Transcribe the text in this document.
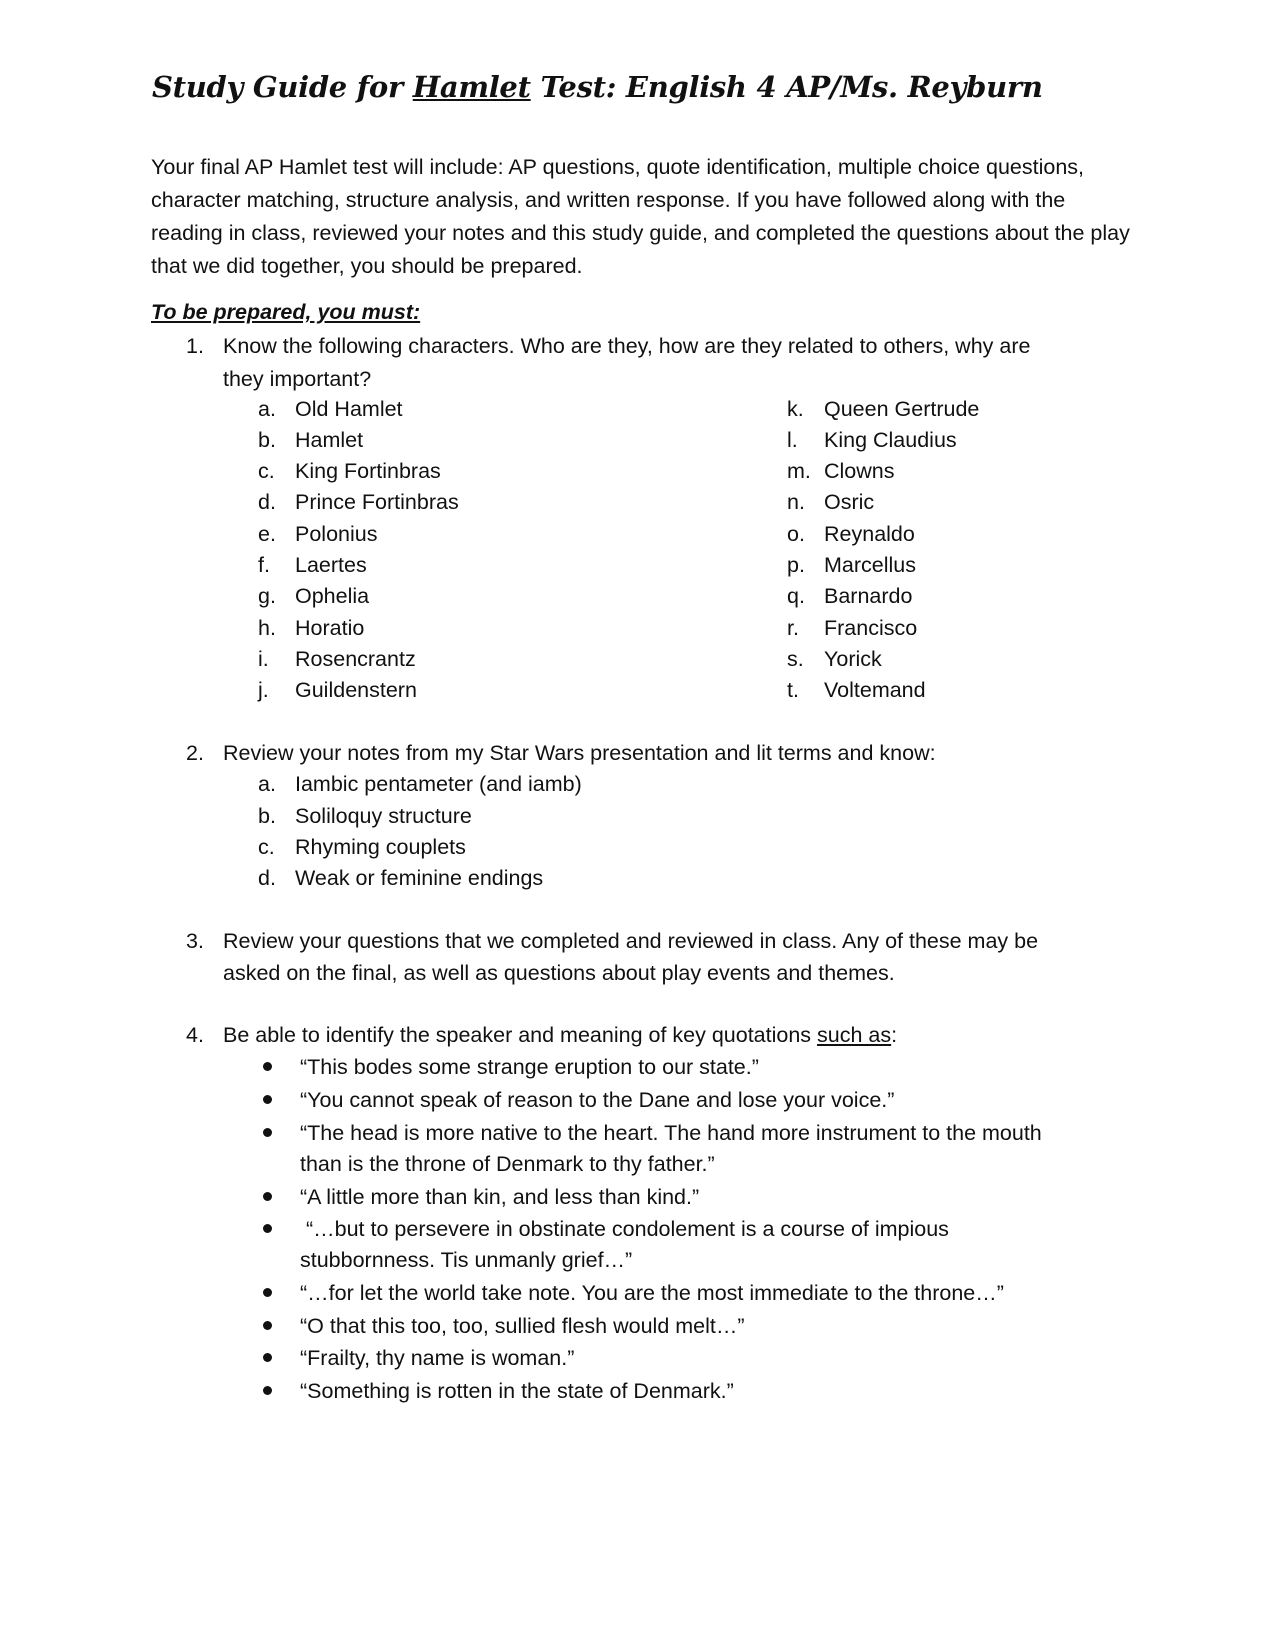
Study Guide for Hamlet Test: English 4 AP/Ms. Reyburn

Your final AP Hamlet test will include: AP questions, quote identification, multiple choice questions, character matching, structure analysis, and written response. If you have followed along with the reading in class, reviewed your notes and this study guide, and completed the questions about the play that we did together, you should be prepared.

To be prepared, you must:
1. Know the following characters. Who are they, how are they related to others, why are
they important?
a. Old Hamlet
b. Hamlet
c. King Fortinbras
d. Prince Fortinbras
e. Polonius
f. Laertes
g. Ophelia
h. Horatio
i. Rosencrantz
j. Guildenstern
k. Queen Gertrude
l. King Claudius
m. Clowns
n. Osric
o. Reynaldo
p. Marcellus
q. Barnardo
r. Francisco
s. Yorick
t. Voltemand
2. Review your notes from my Star Wars presentation and lit terms and know:
a. Iambic pentameter (and iamb)
b. Soliloquy structure
c. Rhyming couplets
d. Weak or feminine endings
3. Review your questions that we completed and reviewed in class. Any of these may be
asked on the final, as well as questions about play events and themes.
4. Be able to identify the speaker and meaning of key quotations such as:
“This bodes some strange eruption to our state.”
“You cannot speak of reason to the Dane and lose your voice.”
“The head is more native to the heart. The hand more instrument to the mouth
than is the throne of Denmark to thy father.”
“A little more than kin, and less than kind.”
“…but to persevere in obstinate condolement is a course of impious
stubbornness. Tis unmanly grief…”
“…for let the world take note. You are the most immediate to the throne…”
“O that this too, too, sullied flesh would melt…”
“Frailty, thy name is woman.”
“Something is rotten in the state of Denmark.”
